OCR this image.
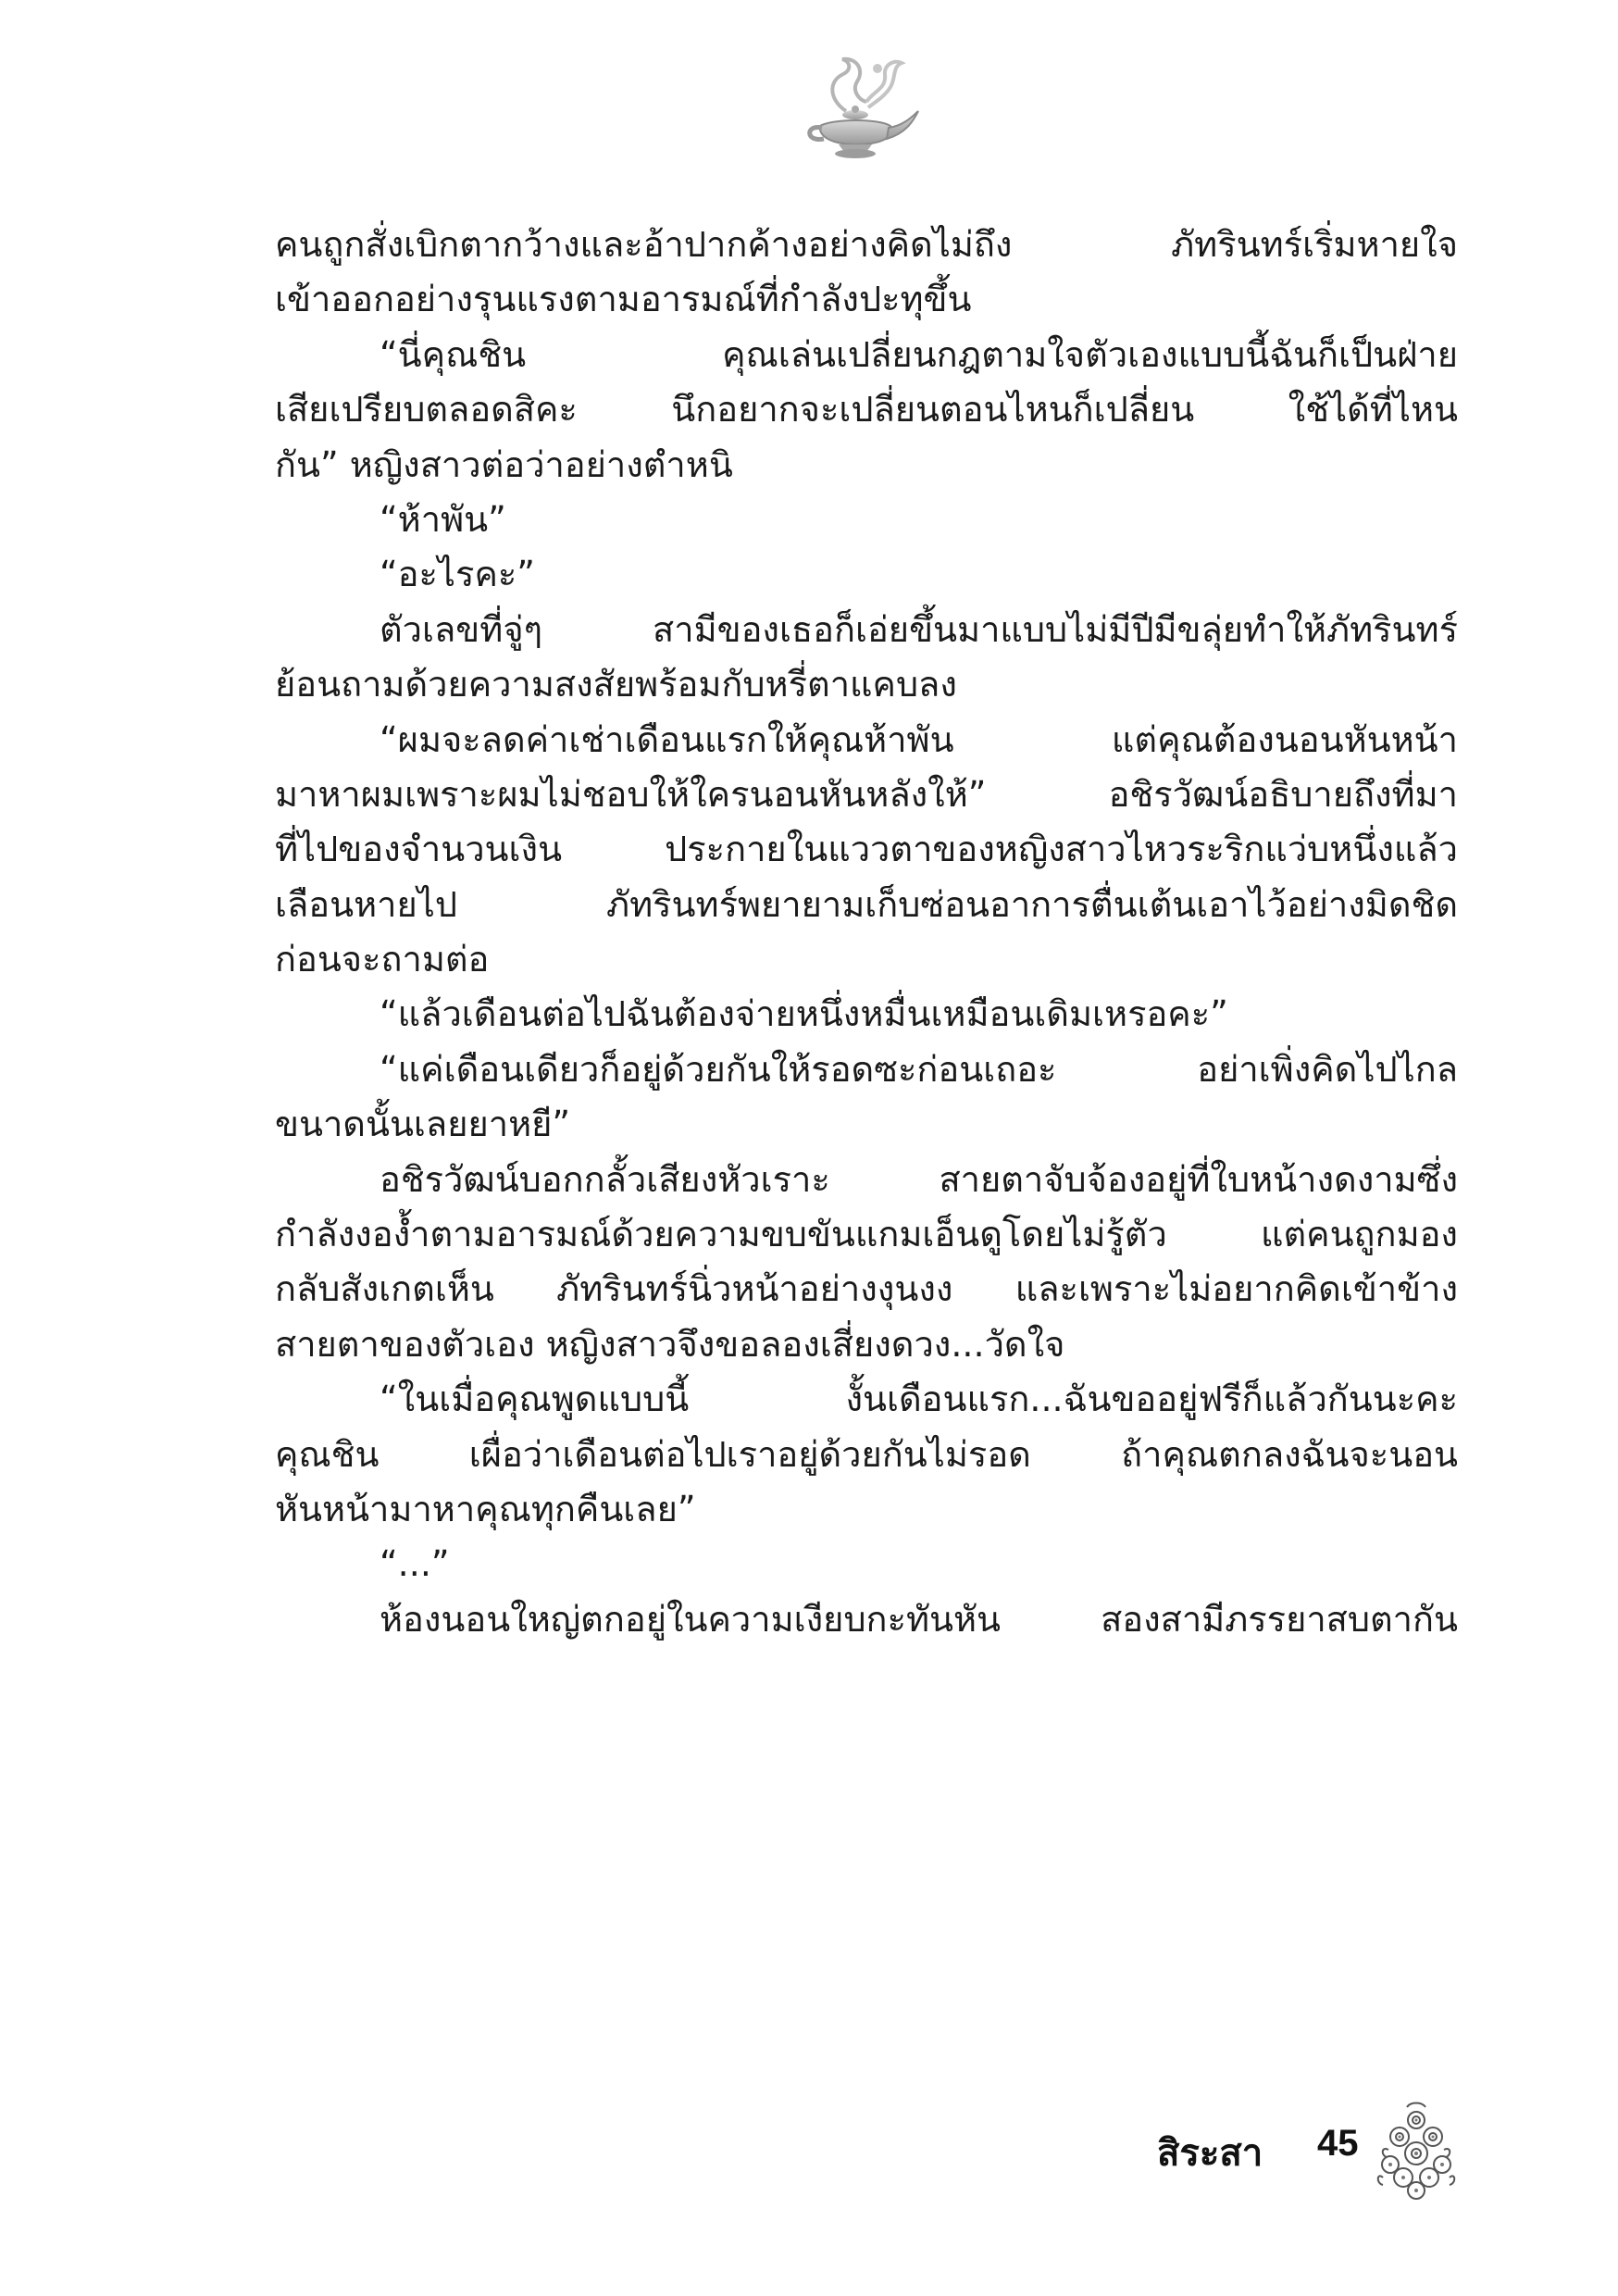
คนถูกสั่งเบิกตากว้างและอ้าปากค้างอย่างคิดไม่ถึง ภัทรินทร์เริ่มหายใจ
เข้าออกอย่างรุนแรงตามอารมณ์ที่กำลังปะทุขึ้น
“นี่คุณชิน คุณเล่นเปลี่ยนกฎตามใจตัวเองแบบนี้ฉันก็เป็นฝ่าย
เสียเปรียบตลอดสิคะ นึกอยากจะเปลี่ยนตอนไหนก็เปลี่ยน ใช้ได้ที่ไหน
กัน” หญิงสาวต่อว่าอย่างตำหนิ
“ห้าพัน”
“อะไรคะ”
ตัวเลขที่จู่ๆ สามีของเธอก็เอ่ยขึ้นมาแบบไม่มีปีมีขลุ่ยทำให้ภัทรินทร์
ย้อนถามด้วยความสงสัยพร้อมกับหรี่ตาแคบลง
“ผมจะลดค่าเช่าเดือนแรกให้คุณห้าพัน แต่คุณต้องนอนหันหน้า
มาหาผมเพราะผมไม่ชอบให้ใครนอนหันหลังให้” อชิรวัฒน์อธิบายถึงที่มา
ที่ไปของจำนวนเงิน ประกายในแววตาของหญิงสาวไหวระริกแว่บหนึ่งแล้ว
เลือนหายไป ภัทรินทร์พยายามเก็บซ่อนอาการตื่นเต้นเอาไว้อย่างมิดชิด
ก่อนจะถามต่อ
“แล้วเดือนต่อไปฉันต้องจ่ายหนึ่งหมื่นเหมือนเดิมเหรอคะ”
“แค่เดือนเดียวก็อยู่ด้วยกันให้รอดซะก่อนเถอะ อย่าเพิ่งคิดไปไกล
ขนาดนั้นเลยยาหยี”
อชิรวัฒน์บอกกลั้วเสียงหัวเราะ สายตาจับจ้องอยู่ที่ใบหน้างดงามซึ่ง
กำลังงอง้ำตามอารมณ์ด้วยความขบขันแกมเอ็นดูโดยไม่รู้ตัว แต่คนถูกมอง
กลับสังเกตเห็น ภัทรินทร์นิ่วหน้าอย่างงุนงง และเพราะไม่อยากคิดเข้าข้าง
สายตาของตัวเอง หญิงสาวจึงขอลองเสี่ยงดวง...วัดใจ
“ในเมื่อคุณพูดแบบนี้ งั้นเดือนแรก...ฉันขออยู่ฟรีก็แล้วกันนะคะ
คุณชิน เผื่อว่าเดือนต่อไปเราอยู่ด้วยกันไม่รอด ถ้าคุณตกลงฉันจะนอน
หันหน้ามาหาคุณทุกคืนเลย”
“...”
ห้องนอนใหญ่ตกอยู่ในความเงียบกะทันหัน สองสามีภรรยาสบตากัน
สิระสา 45
